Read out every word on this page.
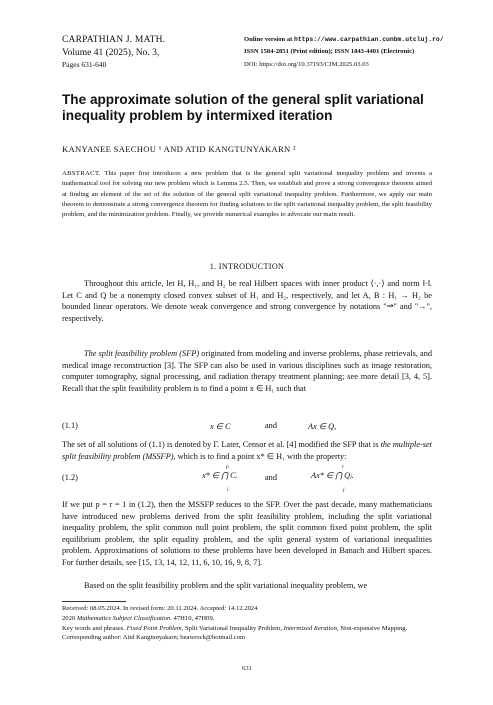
CARPATHIAN J. MATH.
Volume 41 (2025), No. 3,
Pages 631-640
Online version at https://www.carpathian.cunbm.utcluj.ro/
ISSN 1584-2851 (Print edition); ISSN 1843-4401 (Electronic)
DOI: https://doi.org/10.37193/CJM.2025.03.03
The approximate solution of the general split variational inequality problem by intermixed iteration
KANYANEE SAECHOU ¹ AND ATID KANGTUNYAKARN ²
ABSTRACT. This paper first introduces a new problem that is the general split variational inequality problem and invents a mathematical tool for solving our new problem which is Lemma 2.5. Then, we establish and prove a strong convergence theorem aimed at finding an element of the set of the solution of the general split variational inequality problem. Furthermore, we apply our main theorem to demonstrate a strong convergence theorem for finding solutions to the split variational inequality problem, the split feasibility problem, and the minimization problem. Finally, we provide numerical examples to advocate our main result.
1. INTRODUCTION
Throughout this article, let H, H₁, and H₂ be real Hilbert spaces with inner product ⟨·,·⟩ and norm ‖·‖. Let C and Q be a nonempty closed convex subset of H₁ and H₂, respectively, and let A, B : H₁ → H₂ be bounded linear operators. We denote weak convergence and strong convergence by notations "⇀" and "→", respectively.
The split feasibility problem (SFP) originated from modeling and inverse problems, phase retrievals, and medical image reconstruction [3]. The SFP can also be used in various disciplines such as image restoration, computer tomography, signal processing, and radiation therapy treatment planning; see more detail [3, 4, 5]. Recall that the split feasibility problem is to find a point x ∈ H₁ such that
(1.1)	x ∈ C	and	Ax ∈ Q,
The set of all solutions of (1.1) is denoted by Γ. Later, Censor et al. [4] modified the SFP that is the multiple-set split feasibility problem (MSSFP), which is to find a point x* ∈ H₁ with the property:
(1.2)
p
x* ∈ ⋂ Cᵢ
i
and
r
Ax* ∈ ⋂ Qⱼ.
j
If we put p = r = 1 in (1.2), then the MSSFP reduces to the SFP. Over the past decade, many mathematicians have introduced new problems derived from the split feasibility problem, including the split variational inequality problem, the split common null point problem, the split common fixed point problem, the split equilibrium problem, the split equality problem, and the split general system of variational inequalities problem. Approximations of solutions to these problems have been developed in Banach and Hilbert spaces. For further details, see [15, 13, 14, 12, 11, 6, 10, 16, 9, 8, 7].
Based on the split feasibility problem and the split variational inequality problem, we
Received: 08.05.2024. In revised form: 20.11.2024. Accepted: 14.12.2024
2020 Mathematics Subject Classification. 47H10, 47H09.
Key words and phrases. Fixed Point Problem, Split Variational Inequality Problem, Intermixed Iteration, Non-expansive Mapping.
Corresponding author: Atid Kangtunyakarn; beawrock@hotmail.com
631
